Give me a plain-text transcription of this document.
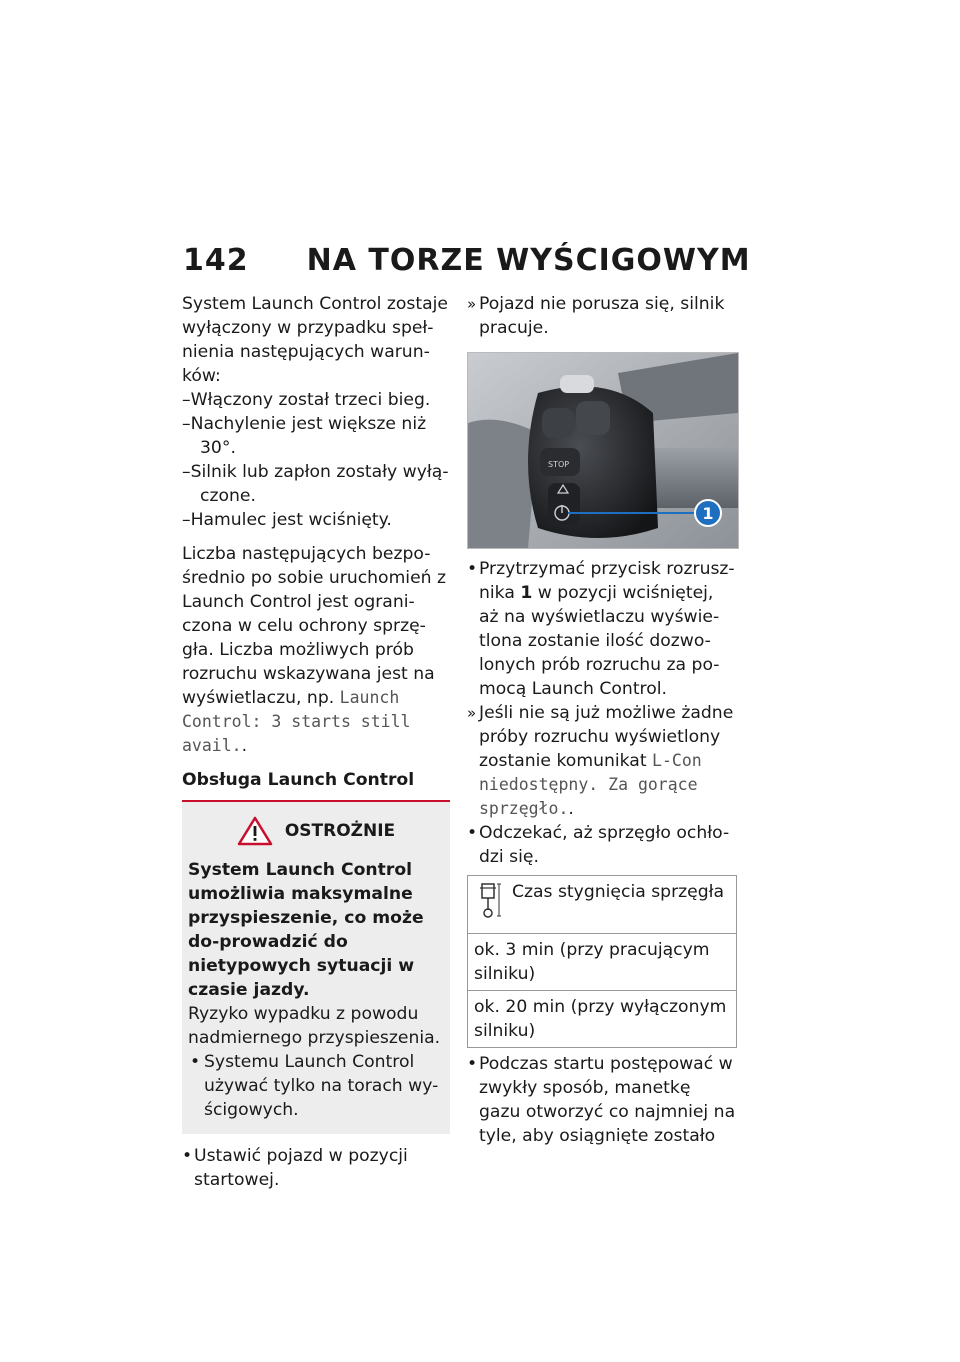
142 NA TORZE WYŚCIGOWYM

System Launch Control zostaje wyłączony w przypadku speł-nienia następujących warun-ków:

–Włączony został trzeci bieg.

–Nachylenie jest większe niż

30°.

–Silnik lub zapłon zostały wyłą-

czone.

–Hamulec jest wciśnięty.

Liczba następujących bezpo-średnio po sobie uruchomień z Launch Control jest ograni-czona w celu ochrony sprzę-gła. Liczba możliwych prób rozruchu wskazywana jest na wyświetlaczu, np. Launch Control: 3 starts still avail..

Obsługa Launch Control

OSTROŻNIE

System Launch Control umożliwia maksymalne przyspieszenie, co może do-prowadzić do nietypowych sytuacji w czasie jazdy.

Ryzyko wypadku z powodu nadmiernego przyspieszenia.

• Systemu Launch Control używać tylko na torach wy-ścigowych.

• Ustawić pojazd w pozycji startowej.

» Pojazd nie porusza się, silnik pracuje.

STOP
1

• Przytrzymać przycisk rozrusz-nika 1 w pozycji wciśniętej, aż na wyświetlaczu wyświe-tlona zostanie ilość dozwo-lonych prób rozruchu za po-mocą Launch Control.

» Jeśli nie są już możliwe żadne próby rozruchu wyświetlony zostanie komunikat L-Con niedostępny. Za gorące sprzęgło..

• Odczekać, aż sprzęgło ochło-dzi się.

Czas stygnięcia sprzęgła
ok. 3 min (przy pracującym silniku)
ok. 20 min (przy wyłączonym silniku)

• Podczas startu postępować w zwykły sposób, manetkę gazu otworzyć co najmniej na tyle, aby osiągnięte zostało
